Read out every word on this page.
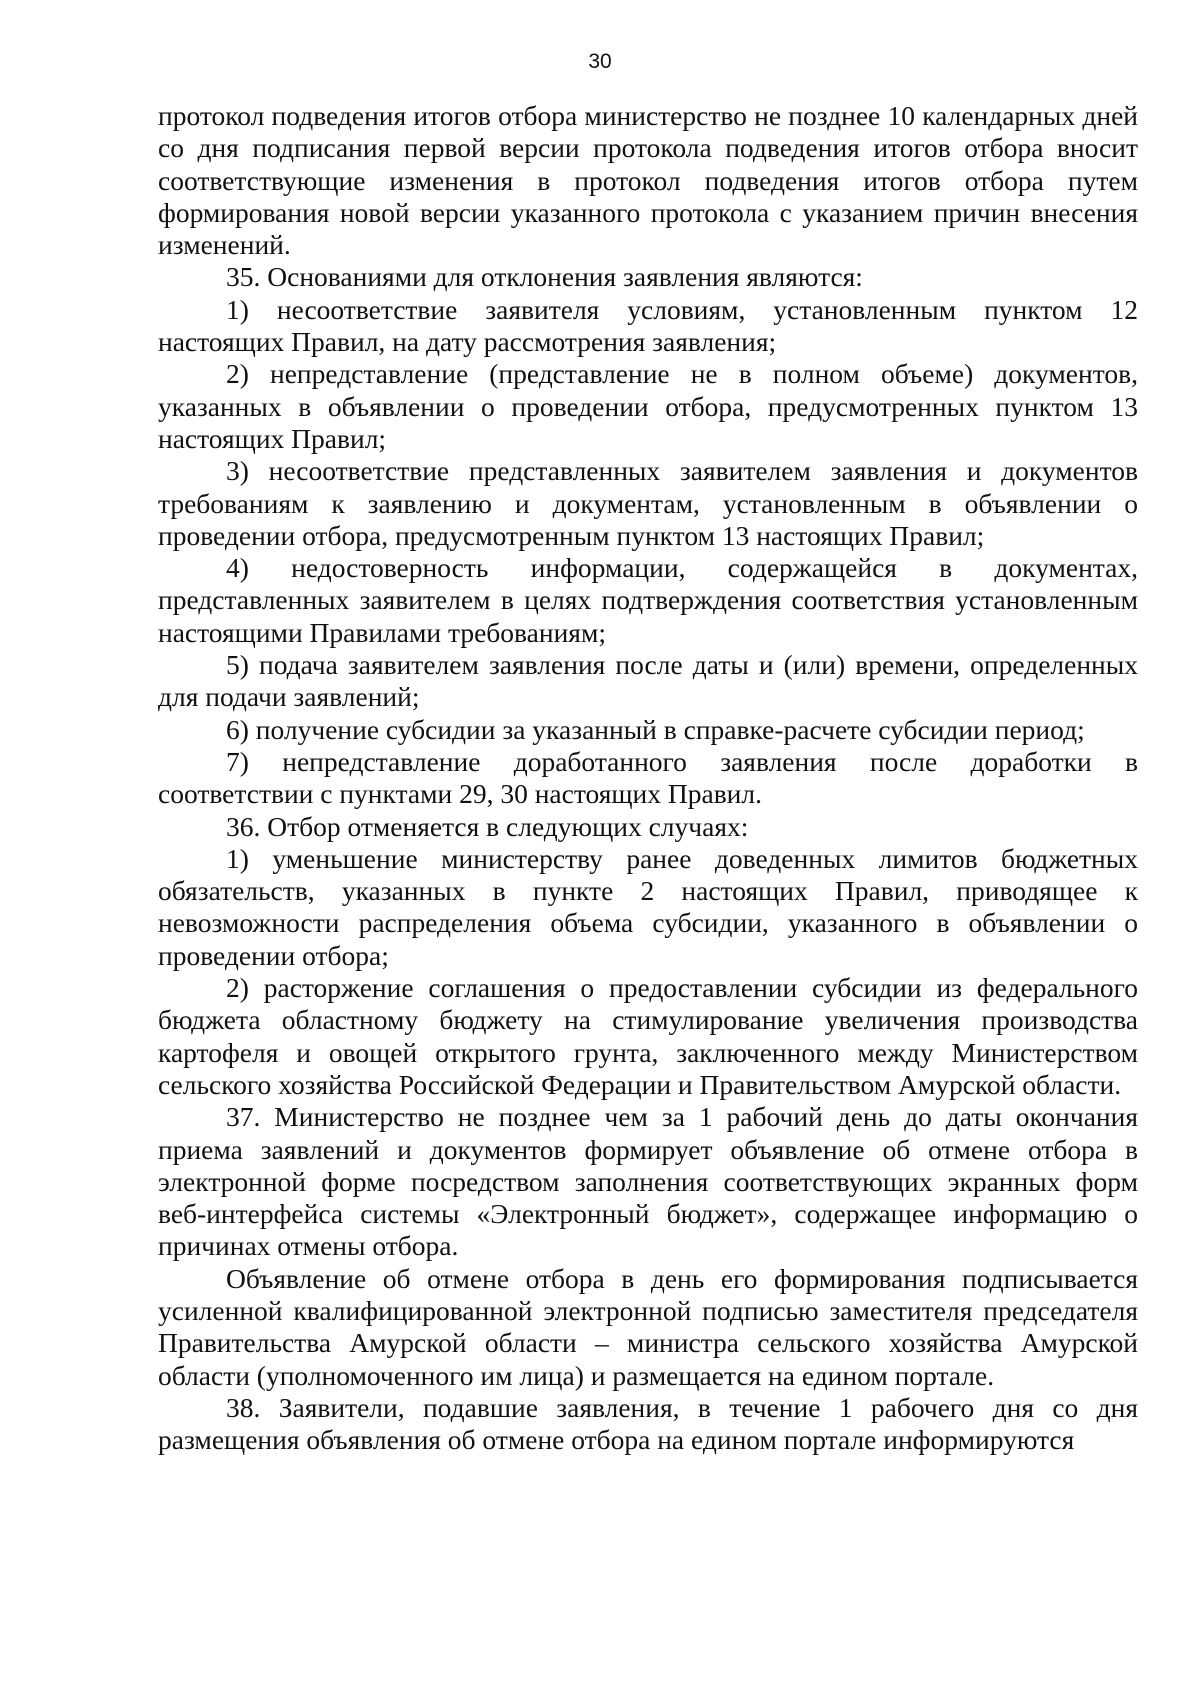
30

протокол подведения итогов отбора министерство не позднее 10 календарных дней со дня подписания первой версии протокола подведения итогов отбора вносит соответствующие изменения в протокол подведения итогов отбора путем формирования новой версии указанного протокола с указанием причин внесения изменений.

35. Основаниями для отклонения заявления являются:

1) несоответствие заявителя условиям, установленным пунктом 12 настоящих Правил, на дату рассмотрения заявления;

2) непредставление (представление не в полном объеме) документов, указанных в объявлении о проведении отбора, предусмотренных пунктом 13 настоящих Правил;

3) несоответствие представленных заявителем заявления и документов требованиям к заявлению и документам, установленным в объявлении о проведении отбора, предусмотренным пунктом 13 настоящих Правил;

4) недостоверность информации, содержащейся в документах, представленных заявителем в целях подтверждения соответствия установленным настоящими Правилами требованиям;

5) подача заявителем заявления после даты и (или) времени, определенных для подачи заявлений;

6) получение субсидии за указанный в справке-расчете субсидии период;

7) непредставление доработанного заявления после доработки в соответствии с пунктами 29, 30 настоящих Правил.

36. Отбор отменяется в следующих случаях:

1) уменьшение министерству ранее доведенных лимитов бюджетных обязательств, указанных в пункте 2 настоящих Правил, приводящее к невозможности распределения объема субсидии, указанного в объявлении о проведении отбора;

2) расторжение соглашения о предоставлении субсидии из федерального бюджета областному бюджету на стимулирование увеличения производства картофеля и овощей открытого грунта, заключенного между Министерством сельского хозяйства Российской Федерации и Правительством Амурской области.

37. Министерство не позднее чем за 1 рабочий день до даты окончания приема заявлений и документов формирует объявление об отмене отбора в электронной форме посредством заполнения соответствующих экранных форм веб-интерфейса системы «Электронный бюджет», содержащее информацию о причинах отмены отбора.

Объявление об отмене отбора в день его формирования подписывается усиленной квалифицированной электронной подписью заместителя председателя Правительства Амурской области – министра сельского хозяйства Амурской области (уполномоченного им лица) и размещается на едином портале.

38. Заявители, подавшие заявления, в течение 1 рабочего дня со дня размещения объявления об отмене отбора на едином портале информируются
